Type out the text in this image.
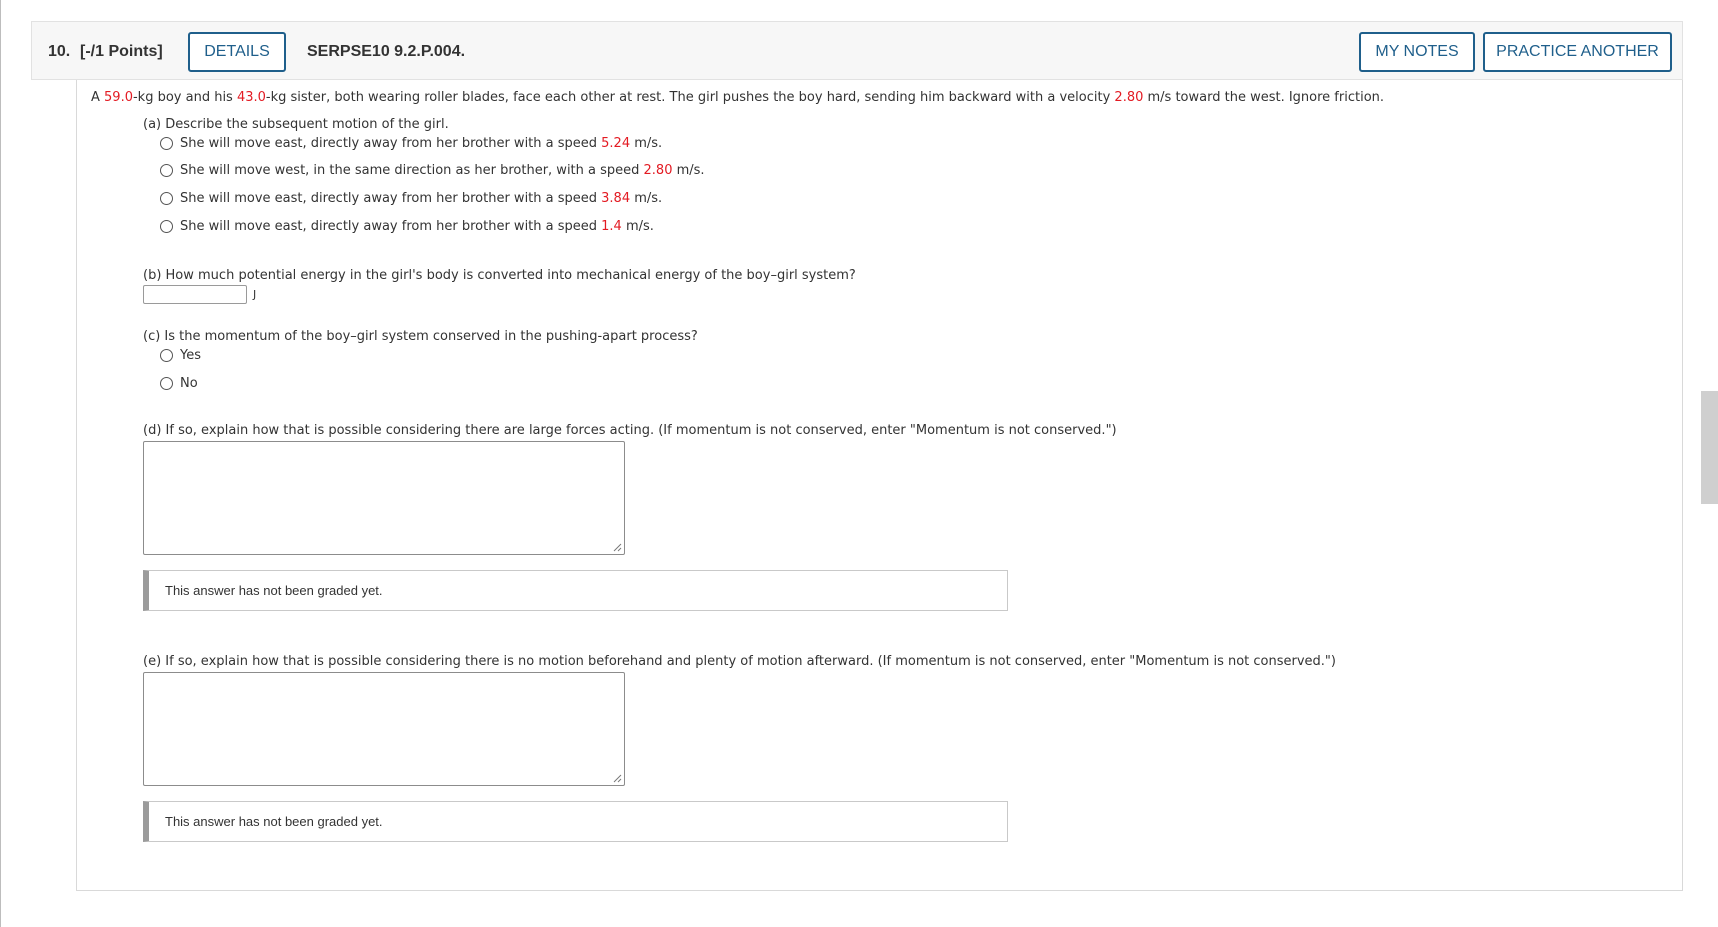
10. [-/1 Points]	DETAILS	SERPSE10 9.2.P.004.	MY NOTES	PRACTICE ANOTHER
A 59.0-kg boy and his 43.0-kg sister, both wearing roller blades, face each other at rest. The girl pushes the boy hard, sending him backward with a velocity 2.80 m/s toward the west. Ignore friction.
(a) Describe the subsequent motion of the girl.
She will move east, directly away from her brother with a speed 5.24 m/s.
She will move west, in the same direction as her brother, with a speed 2.80 m/s.
She will move east, directly away from her brother with a speed 3.84 m/s.
She will move east, directly away from her brother with a speed 1.4 m/s.
(b) How much potential energy in the girl's body is converted into mechanical energy of the boy–girl system?
J
(c) Is the momentum of the boy–girl system conserved in the pushing-apart process?
Yes
No
(d) If so, explain how that is possible considering there are large forces acting. (If momentum is not conserved, enter "Momentum is not conserved.")
This answer has not been graded yet.
(e) If so, explain how that is possible considering there is no motion beforehand and plenty of motion afterward. (If momentum is not conserved, enter "Momentum is not conserved.")
This answer has not been graded yet.
